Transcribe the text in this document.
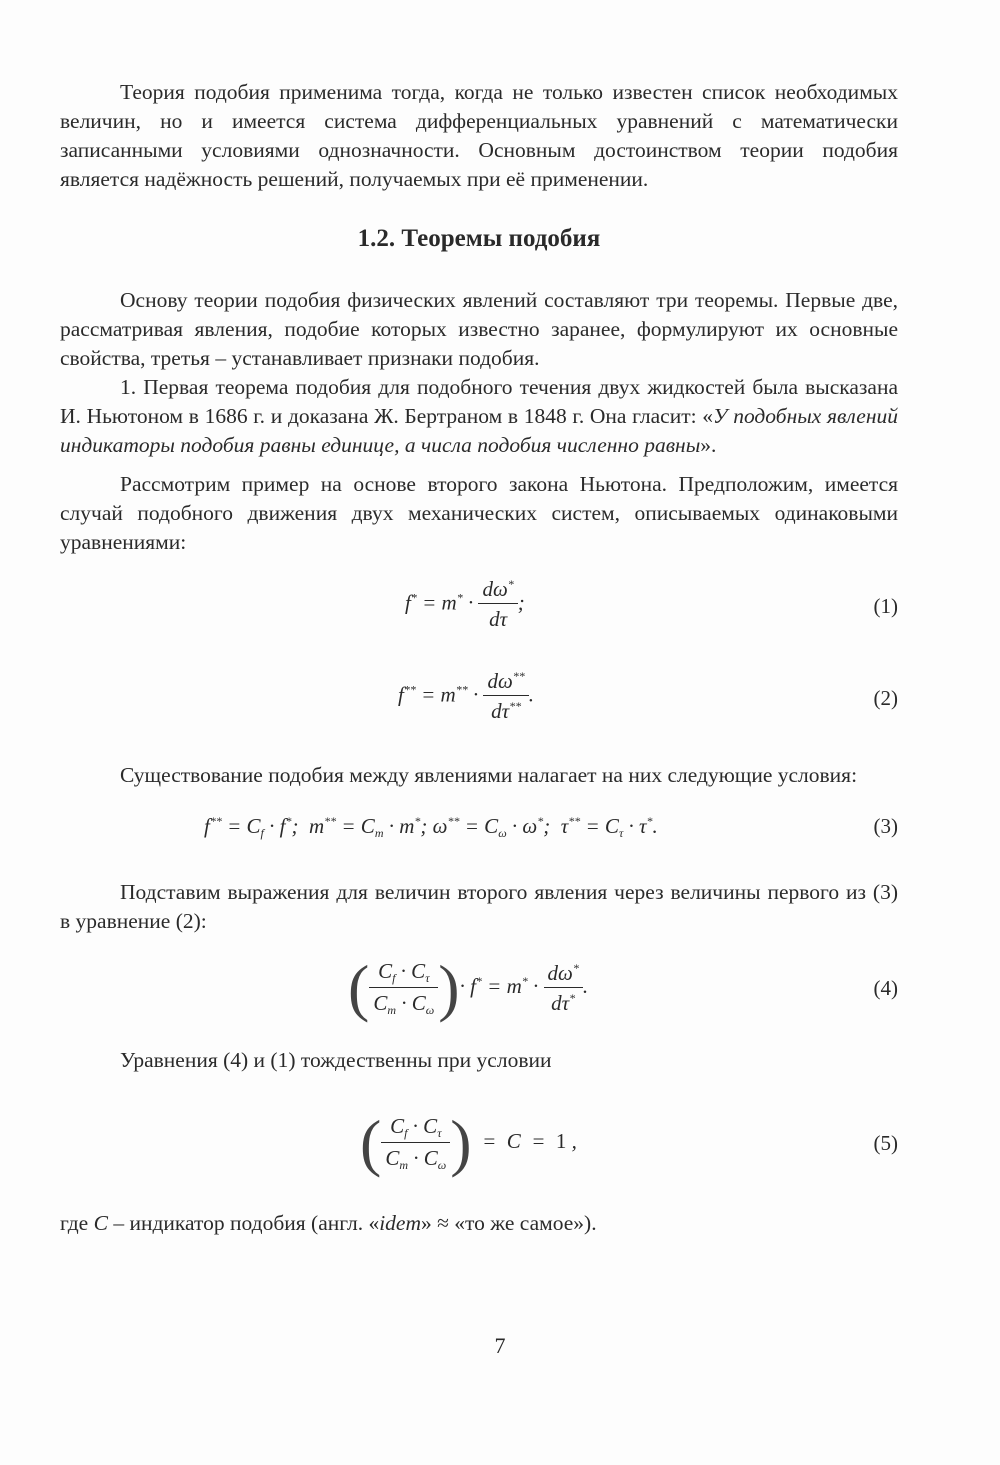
Теория подобия применима тогда, когда не только известен список необходимых величин, но и имеется система дифференциальных уравнений с математически записанными условиями однозначности. Основным достоинством теории подобия является надёжность решений, получаемых при её применении.

1.2. Теоремы подобия

Основу теории подобия физических явлений составляют три теоремы. Первые две, рассматривая явления, подобие которых известно заранее, формулируют их основные свойства, третья – устанавливает признаки подобия.

1. Первая теорема подобия для подобного течения двух жидкостей была высказана И. Ньютоном в 1686 г. и доказана Ж. Бертраном в 1848 г. Она гласит: «У подобных явлений индикаторы подобия равны единице, а числа подобия численно равны».

Рассмотрим пример на основе второго закона Ньютона. Предположим, имеется случай подобного движения двух механических систем, описываемых одинаковыми уравнениями:

$f^* = m^* \cdot \frac{d\omega^*}{d\tau}$ ;	(1)
$f^{**} = m^{**} \cdot \frac{d\omega^{**}}{d\tau^{**}}$ .	(2)

Существование подобия между явлениями налагает на них следующие условия:

$f^{**} = C_f \cdot f^*$;  $m^{**} = C_m \cdot m^*$; $\omega^{**} = C_\omega \cdot \omega^*$;  $\tau^{**} = C_\tau \cdot \tau^*$.	(3)

Подставим выражения для величин второго явления через величины первого из (3) в уравнение (2):

( $\frac{C_f \cdot C_\tau}{C_m \cdot C_\omega}$ )· $f^* = m^* \cdot \frac{d\omega^*}{d\tau^*}$ .	(4)

Уравнения (4) и (1) тождественны при условии

( $\frac{C_f \cdot C_\tau}{C_m \cdot C_\omega}$ )  =  C  =  1 ,	(5)

где C – индикатор подобия (англ. «idem» ≈ «то же самое»).

7
